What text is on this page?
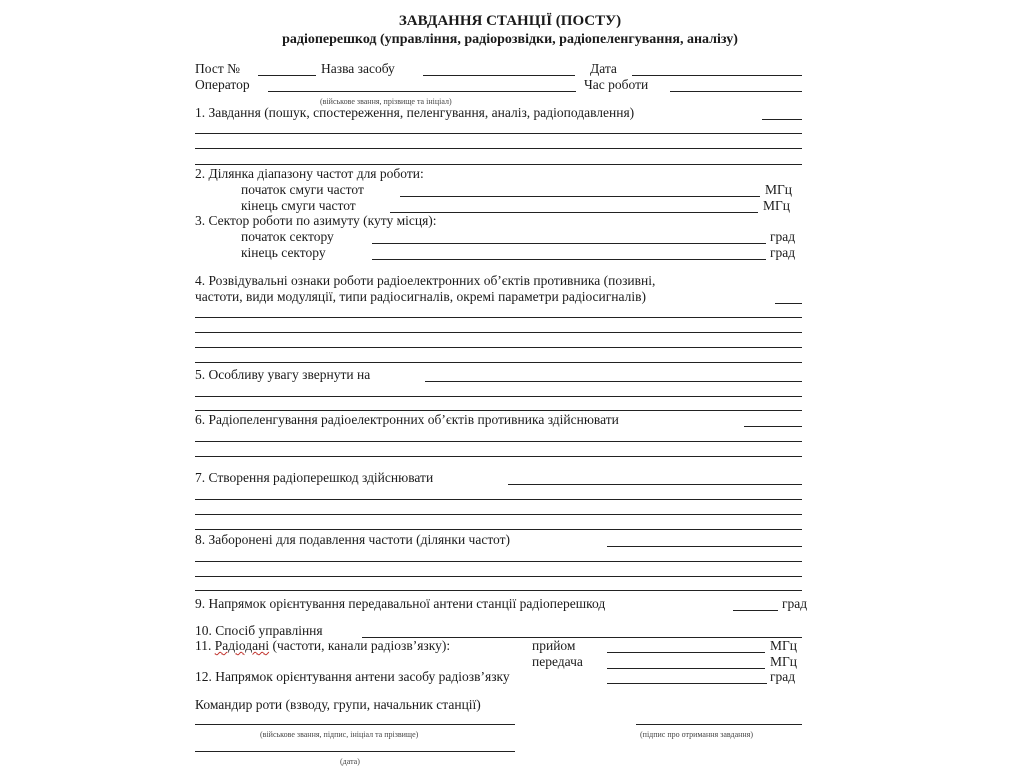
ЗАВДАННЯ СТАНЦІЇ (ПОСТУ)
радіоперешкод (управління, радіорозвідки, радіопеленгування, аналізу)
Пост №	Назва засобу	Дата
Оператор	Час роботи
(військове звання, прізвище та ініціал)
1. Завдання (пошук, спостереження, пеленгування, аналіз, радіоподавлення)
2. Ділянка діапазону частот для роботи:
початок смуги частот	МГц
кінець смуги частот	МГц
3. Сектор роботи по азимуту (куту місця):
початок сектору	град
кінець сектору	град
4. Розвідувальні ознаки роботи радіоелектронних об’єктів противника (позивні,
частоти, види модуляції, типи радіосигналів, окремі параметри радіосигналів)
5. Особливу увагу звернути на
6. Радіопеленгування радіоелектронних об’єктів противника здійснювати
7. Створення радіоперешкод здійснювати
8. Заборонені для подавлення частоти (ділянки частот)
9. Напрямок орієнтування передавальної антени станції радіоперешкод	град
10. Спосіб управління
11. Радіодані (частоти, канали радіозв’язку):	прийом	МГц
передача	МГц
12. Напрямок орієнтування антени засобу радіозв’язку	град
Командир роти (взводу, групи, начальник станції)
(військове звання, підпис, ініціал та прізвище)	(підпис про отримання завдання)
(дата)
